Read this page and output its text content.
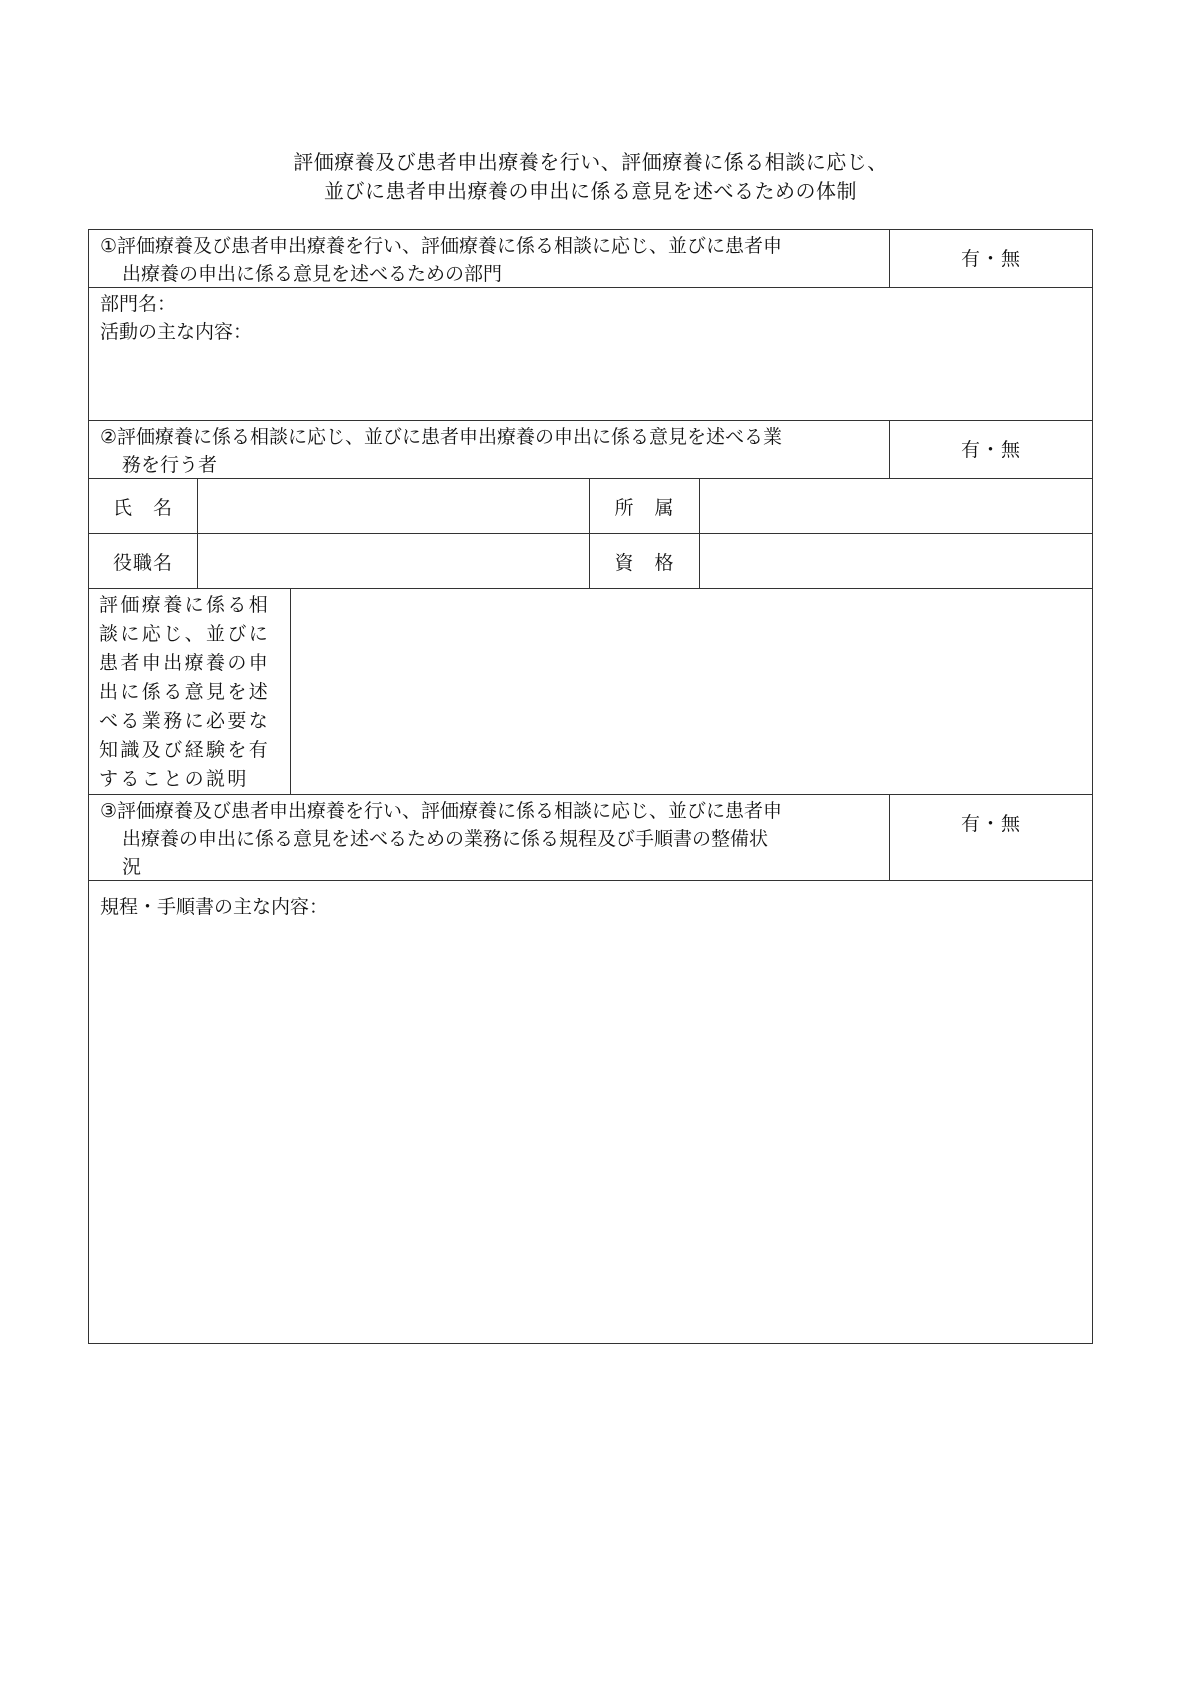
評価療養及び患者申出療養を行い、評価療養に係る相談に応じ、
並びに患者申出療養の申出に係る意見を述べるための体制
①評価療養及び患者申出療養を行い、評価療養に係る相談に応じ、並びに患者申
出療養の申出に係る意見を述べるための部門
有・無
部門名：
活動の主な内容：
②評価療養に係る相談に応じ、並びに患者申出療養の申出に係る意見を述べる業
務を行う者
有・無
氏　名	所　属
役職名	資　格
評価療養に係る相
談に応じ、並びに
患者申出療養の申
出に係る意見を述
べる業務に必要な
知識及び経験を有
することの説明
③評価療養及び患者申出療養を行い、評価療養に係る相談に応じ、並びに患者申
出療養の申出に係る意見を述べるための業務に係る規程及び手順書の整備状
況
有・無
規程・手順書の主な内容：
